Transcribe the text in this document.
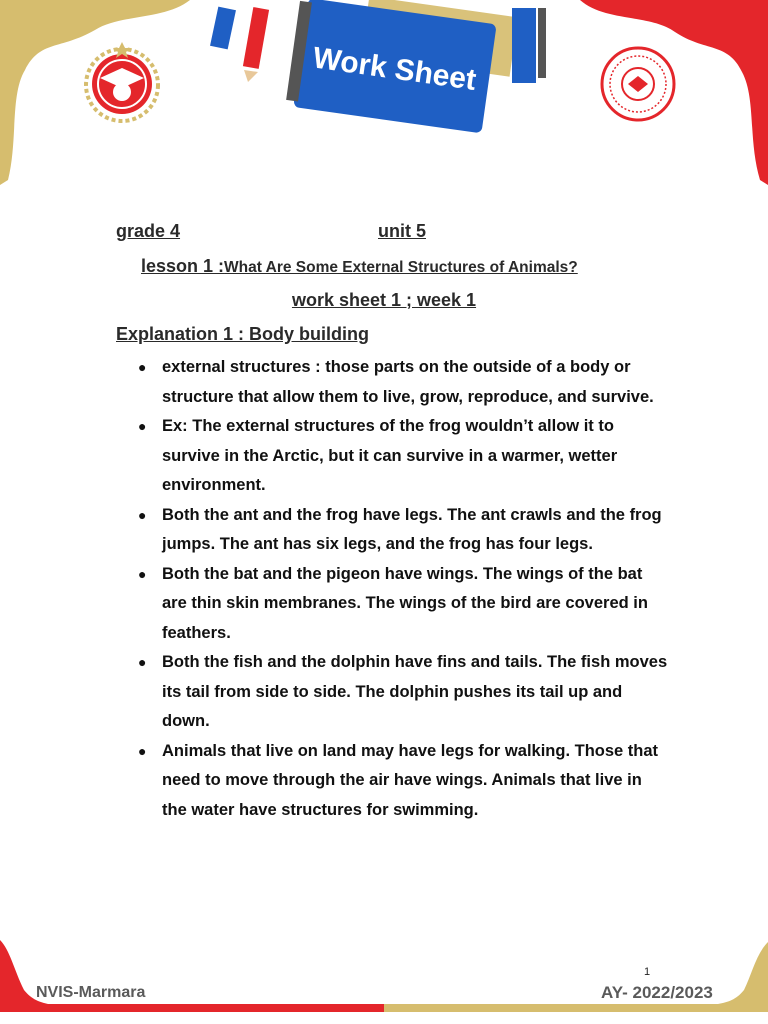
Work Sheet
grade 4	unit 5
lesson 1 :What Are Some External Structures of Animals?
work sheet 1 ; week 1
Explanation 1 : Body building
● external structures : those parts on the outside of a body or structure that allow them to live, grow, reproduce, and survive.
● Ex: The external structures of the frog wouldn’t allow it to survive in the Arctic, but it can survive in a warmer, wetter environment.
● Both the ant and the frog have legs. The ant crawls and the frog jumps. The ant has six legs, and the frog has four legs.
● Both the bat and the pigeon have wings. The wings of the bat are thin skin membranes. The wings of the bird are covered in feathers.
● Both the fish and the dolphin have fins and tails. The fish moves its tail from side to side. The dolphin pushes its tail up and down.
● Animals that live on land may have legs for walking. Those that need to move through the air have wings. Animals that live in the water have structures for swimming.
1
NVIS-Marmara	AY- 2022/2023
